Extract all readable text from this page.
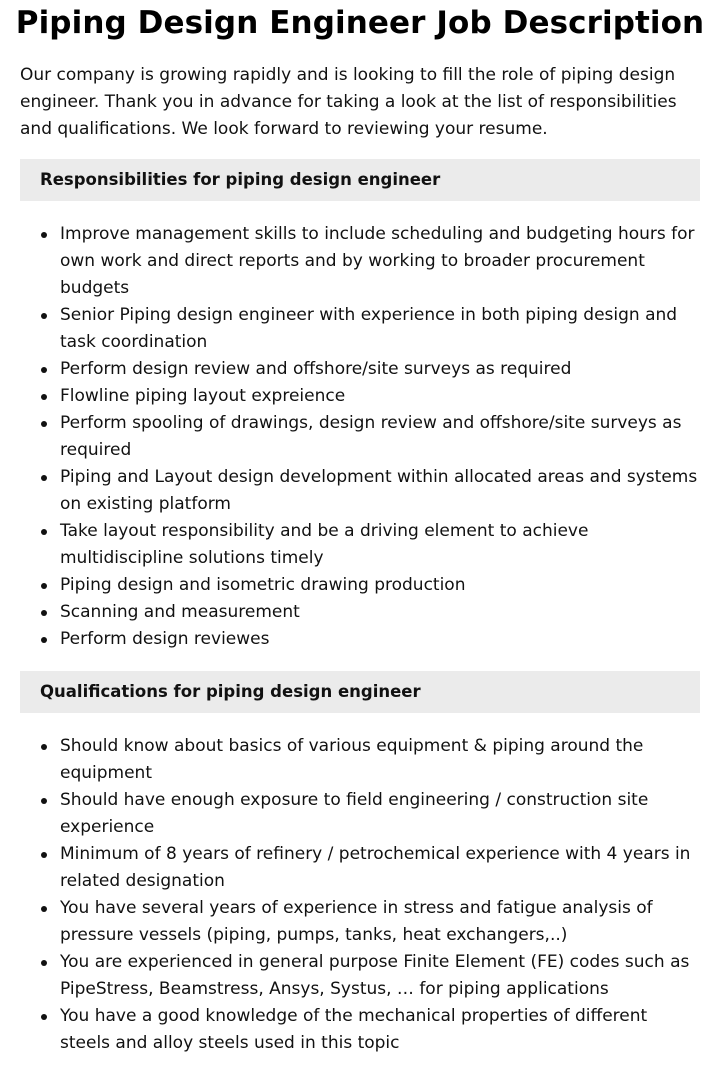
Piping Design Engineer Job Description

Our company is growing rapidly and is looking to fill the role of piping design engineer. Thank you in advance for taking a look at the list of responsibilities and qualifications. We look forward to reviewing your resume.

Responsibilities for piping design engineer
Improve management skills to include scheduling and budgeting hours for own work and direct reports and by working to broader procurement budgets
Senior Piping design engineer with experience in both piping design and task coordination
Perform design review and offshore/site surveys as required
Flowline piping layout expreience
Perform spooling of drawings, design review and offshore/site surveys as required
Piping and Layout design development within allocated areas and systems on existing platform
Take layout responsibility and be a driving element to achieve multidiscipline solutions timely
Piping design and isometric drawing production
Scanning and measurement
Perform design reviewes
Qualifications for piping design engineer
Should know about basics of various equipment & piping around the equipment
Should have enough exposure to field engineering / construction site experience
Minimum of 8 years of refinery / petrochemical experience with 4 years in related designation
You have several years of experience in stress and fatigue analysis of pressure vessels (piping, pumps, tanks, heat exchangers,..)
You are experienced in general purpose Finite Element (FE) codes such as PipeStress, Beamstress, Ansys, Systus, … for piping applications
You have a good knowledge of the mechanical properties of different steels and alloy steels used in this topic
